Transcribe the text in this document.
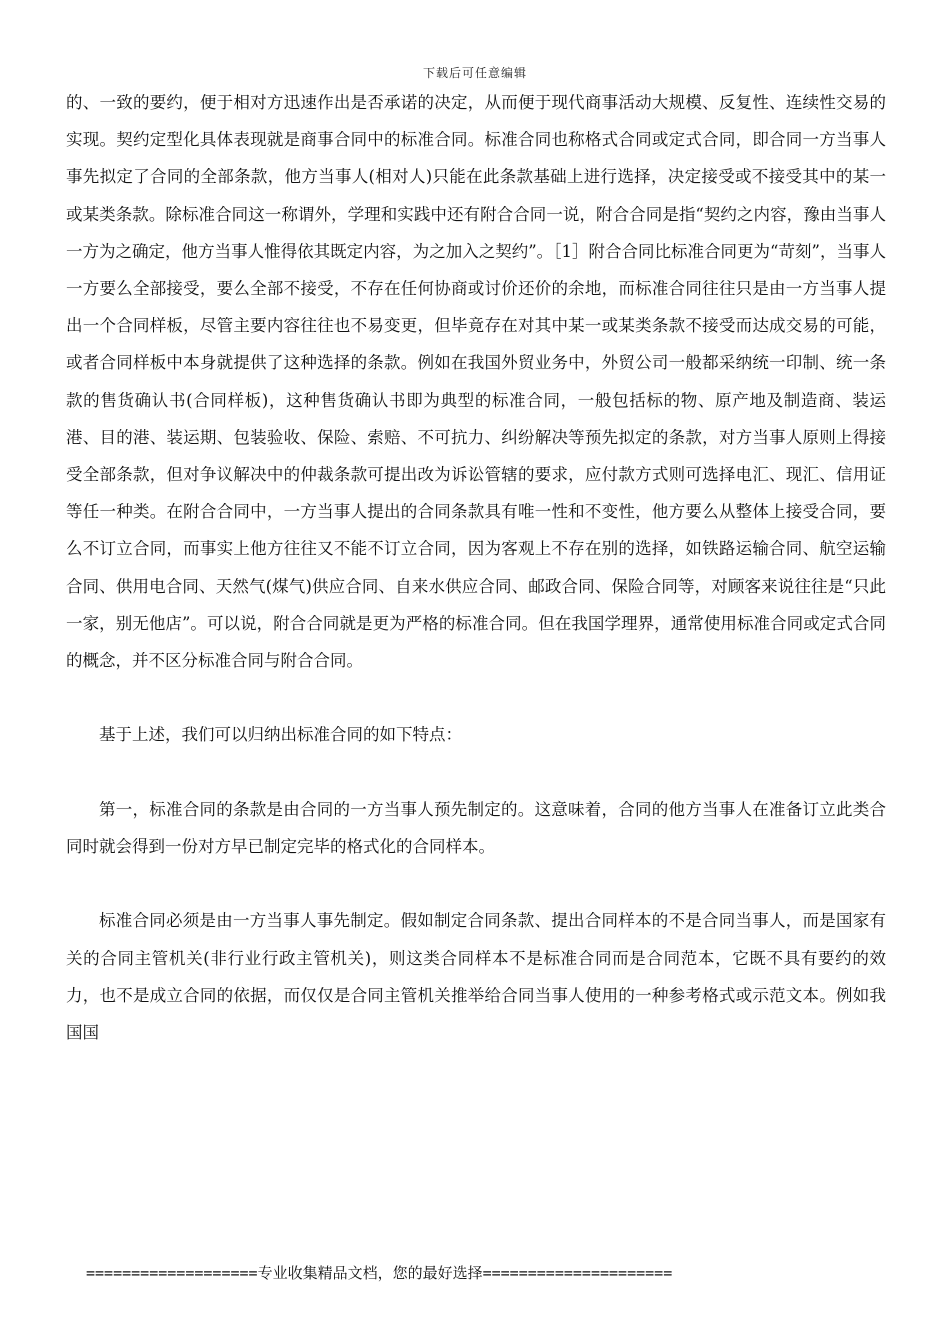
下载后可任意编辑

的、一致的要约，便于相对方迅速作出是否承诺的决定，从而便于现代商事活动大规模、反复性、连续性交易的实现。契约定型化具体表现就是商事合同中的标准合同。标准合同也称格式合同或定式合同，即合同一方当事人事先拟定了合同的全部条款，他方当事人(相对人)只能在此条款基础上进行选择，决定接受或不接受其中的某一或某类条款。除标准合同这一称谓外，学理和实践中还有附合合同一说，附合合同是指“契约之内容，豫由当事人一方为之确定，他方当事人惟得依其既定内容，为之加入之契约”。［1］附合合同比标准合同更为“苛刻”，当事人一方要么全部接受，要么全部不接受，不存在任何协商或讨价还价的余地，而标准合同往往只是由一方当事人提出一个合同样板，尽管主要内容往往也不易变更，但毕竟存在对其中某一或某类条款不接受而达成交易的可能，或者合同样板中本身就提供了这种选择的条款。例如在我国外贸业务中，外贸公司一般都采纳统一印制、统一条款的售货确认书(合同样板)，这种售货确认书即为典型的标准合同，一般包括标的物、原产地及制造商、装运港、目的港、装运期、包装验收、保险、索赔、不可抗力、纠纷解决等预先拟定的条款，对方当事人原则上得接受全部条款，但对争议解决中的仲裁条款可提出改为诉讼管辖的要求，应付款方式则可选择电汇、现汇、信用证等任一种类。在附合合同中，一方当事人提出的合同条款具有唯一性和不变性，他方要么从整体上接受合同，要么不订立合同，而事实上他方往往又不能不订立合同，因为客观上不存在别的选择，如铁路运输合同、航空运输合同、供用电合同、天然气(煤气)供应合同、自来水供应合同、邮政合同、保险合同等，对顾客来说往往是“只此一家，别无他店”。可以说，附合合同就是更为严格的标准合同。但在我国学理界，通常使用标准合同或定式合同的概念，并不区分标准合同与附合合同。

基于上述，我们可以归纳出标准合同的如下特点：

第一，标准合同的条款是由合同的一方当事人预先制定的。这意味着，合同的他方当事人在准备订立此类合同时就会得到一份对方早已制定完毕的格式化的合同样本。

标准合同必须是由一方当事人事先制定。假如制定合同条款、提出合同样本的不是合同当事人，而是国家有关的合同主管机关(非行业行政主管机关)，则这类合同样本不是标准合同而是合同范本，它既不具有要约的效力，也不是成立合同的依据，而仅仅是合同主管机关推举给合同当事人使用的一种参考格式或示范文本。例如我国国

===================专业收集精品文档，您的最好选择=====================
